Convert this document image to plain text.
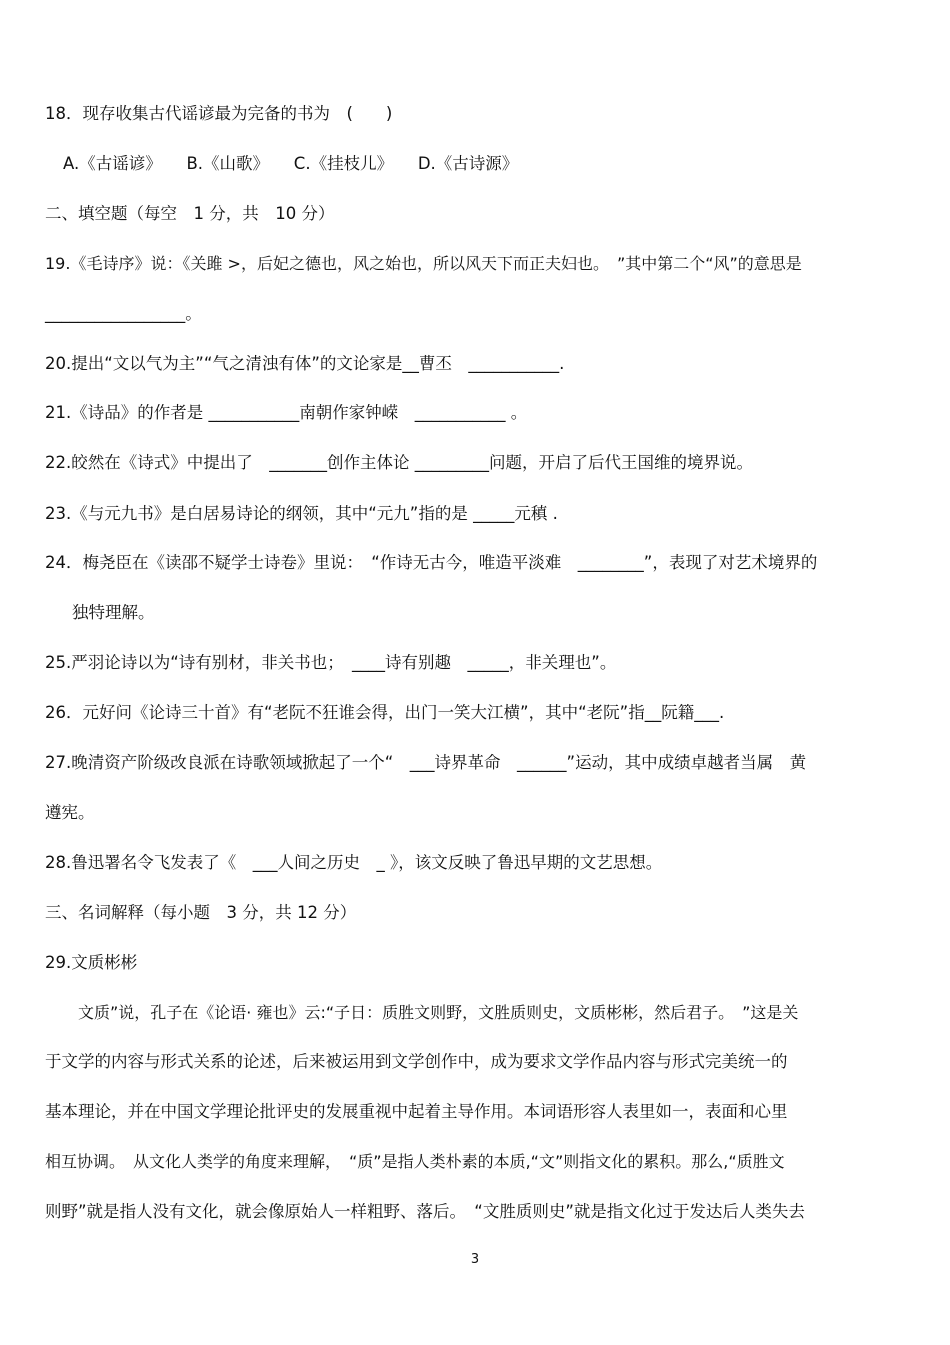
18．现存收集古代谣谚最为完备的书为　(　　)
A.《古谣谚》　　B.《山歌》　　C.《挂枝儿》　　D.《古诗源》
二、填空题（每空　1 分，共　10 分）
19.《毛诗序》说：《关雎 >，后妃之德也，风之始也，所以风天下而正夫妇也。　”其中第二个“风”的意思是
_________________。
20.提出“文以气为主”“气之清浊有体”的文论家是__曹丕　___________.
21.《诗品》的作者是 ___________南朝作家钟嵘　___________ 。
22.皎然在《诗式》中提出了　_______创作主体论 _________问题，开启了后代王国维的境界说。
23.《与元九书》是白居易诗论的纲领，其中“元九”指的是 _____元稹 .
24．梅尧臣在《读邵不疑学士诗卷》里说：　“作诗无古今，唯造平淡难　________”，表现了对艺术境界的
独特理解。
25.严羽论诗以为“诗有别材，非关书也；　____诗有别趣　_____，非关理也”。
26．元好问《论诗三十首》有“老阮不狂谁会得，出门一笑大江横”，其中“老阮”指__阮籍___.
27.晚清资产阶级改良派在诗歌领域掀起了一个“　___诗界革命　______”运动，其中成绩卓越者当属　黄
遵宪。
28.鲁迅署名令飞发表了《　___人间之历史　_ 》，该文反映了鲁迅早期的文艺思想。
三、名词解释（每小题　3 分，共 12 分）
29.文质彬彬
文质”说，孔子在《论语· 雍也》云:“子日：质胜文则野，文胜质则史，文质彬彬，然后君子。　”这是关
于文学的内容与形式关系的论述，后来被运用到文学创作中，成为要求文学作品内容与形式完美统一的
基本理论，并在中国文学理论批评史的发展重视中起着主导作用。本词语形容人表里如一，表面和心里
相互协调。　从文化人类学的角度来理解，　“质”是指人类朴素的本质,“文”则指文化的累积。那么,“质胜文
则野”就是指人没有文化，就会像原始人一样粗野、落后。　“文胜质则史”就是指文化过于发达后人类失去
3
